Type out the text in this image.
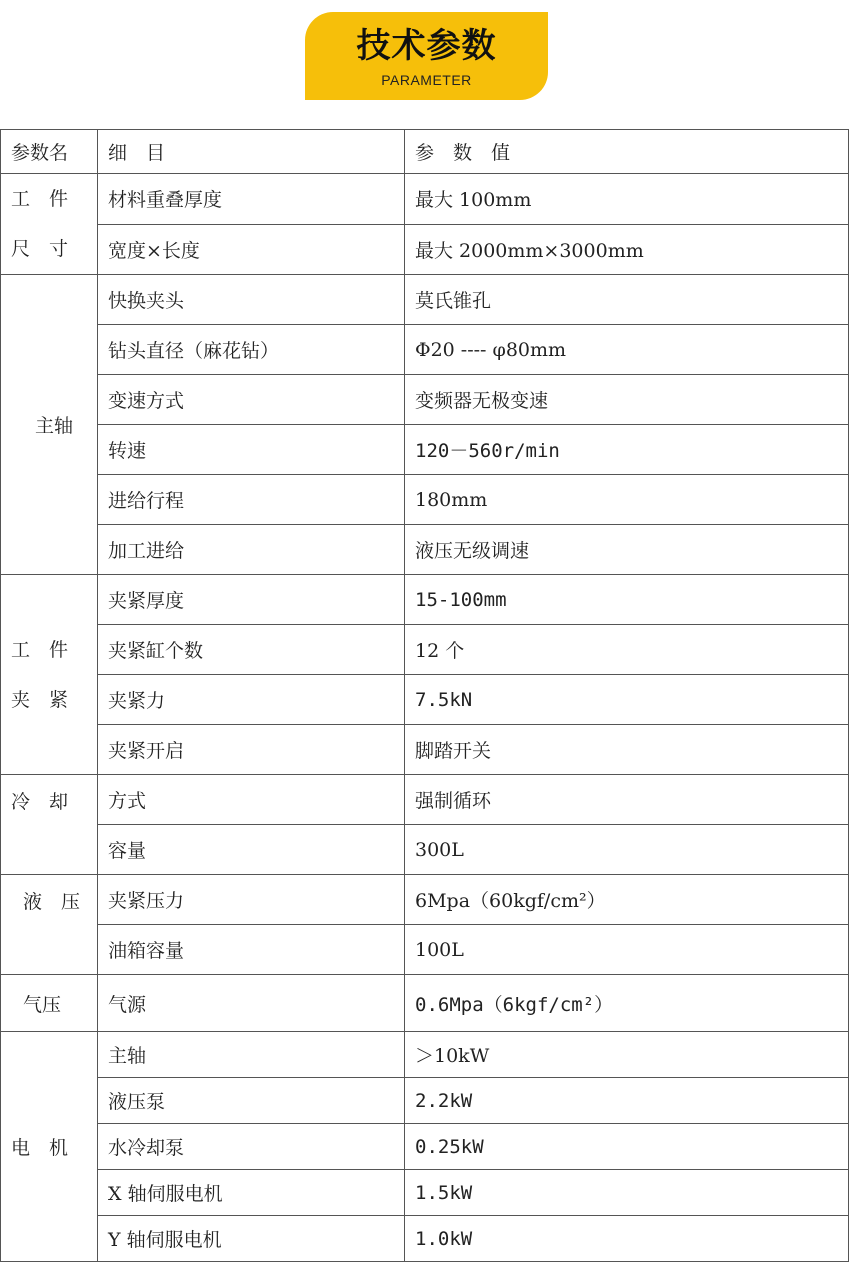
技术参数
PARAMETER
参数名	细　目	参　数　值

工　件
尺　寸	材料重叠厚度	最大 100mm
	宽度×长度	最大 2000mm×3000mm
主轴	快换夹头	莫氏锥孔
	钻头直径（麻花钻）	Φ20 ---- φ80mm
	变速方式	变频器无极变速
	转速	120－560r/min
	进给行程	180mm
	加工进给	液压无级调速

工　件
夹　紧	夹紧厚度	15-100mm
	夹紧缸个数	12 个
	夹紧力	7.5kN
	夹紧开启	脚踏开关
冷　却	方式	强制循环
	容量	300L
液　压	夹紧压力	6Mpa（60kgf/cm²）
	油箱容量	100L
气压	气源	0.6Mpa（6kgf/cm²）
电　机	主轴	＞10kW
	液压泵	2.2kW
	水冷却泵	0.25kW
	X 轴伺服电机	1.5kW
	Y 轴伺服电机	1.0kW
